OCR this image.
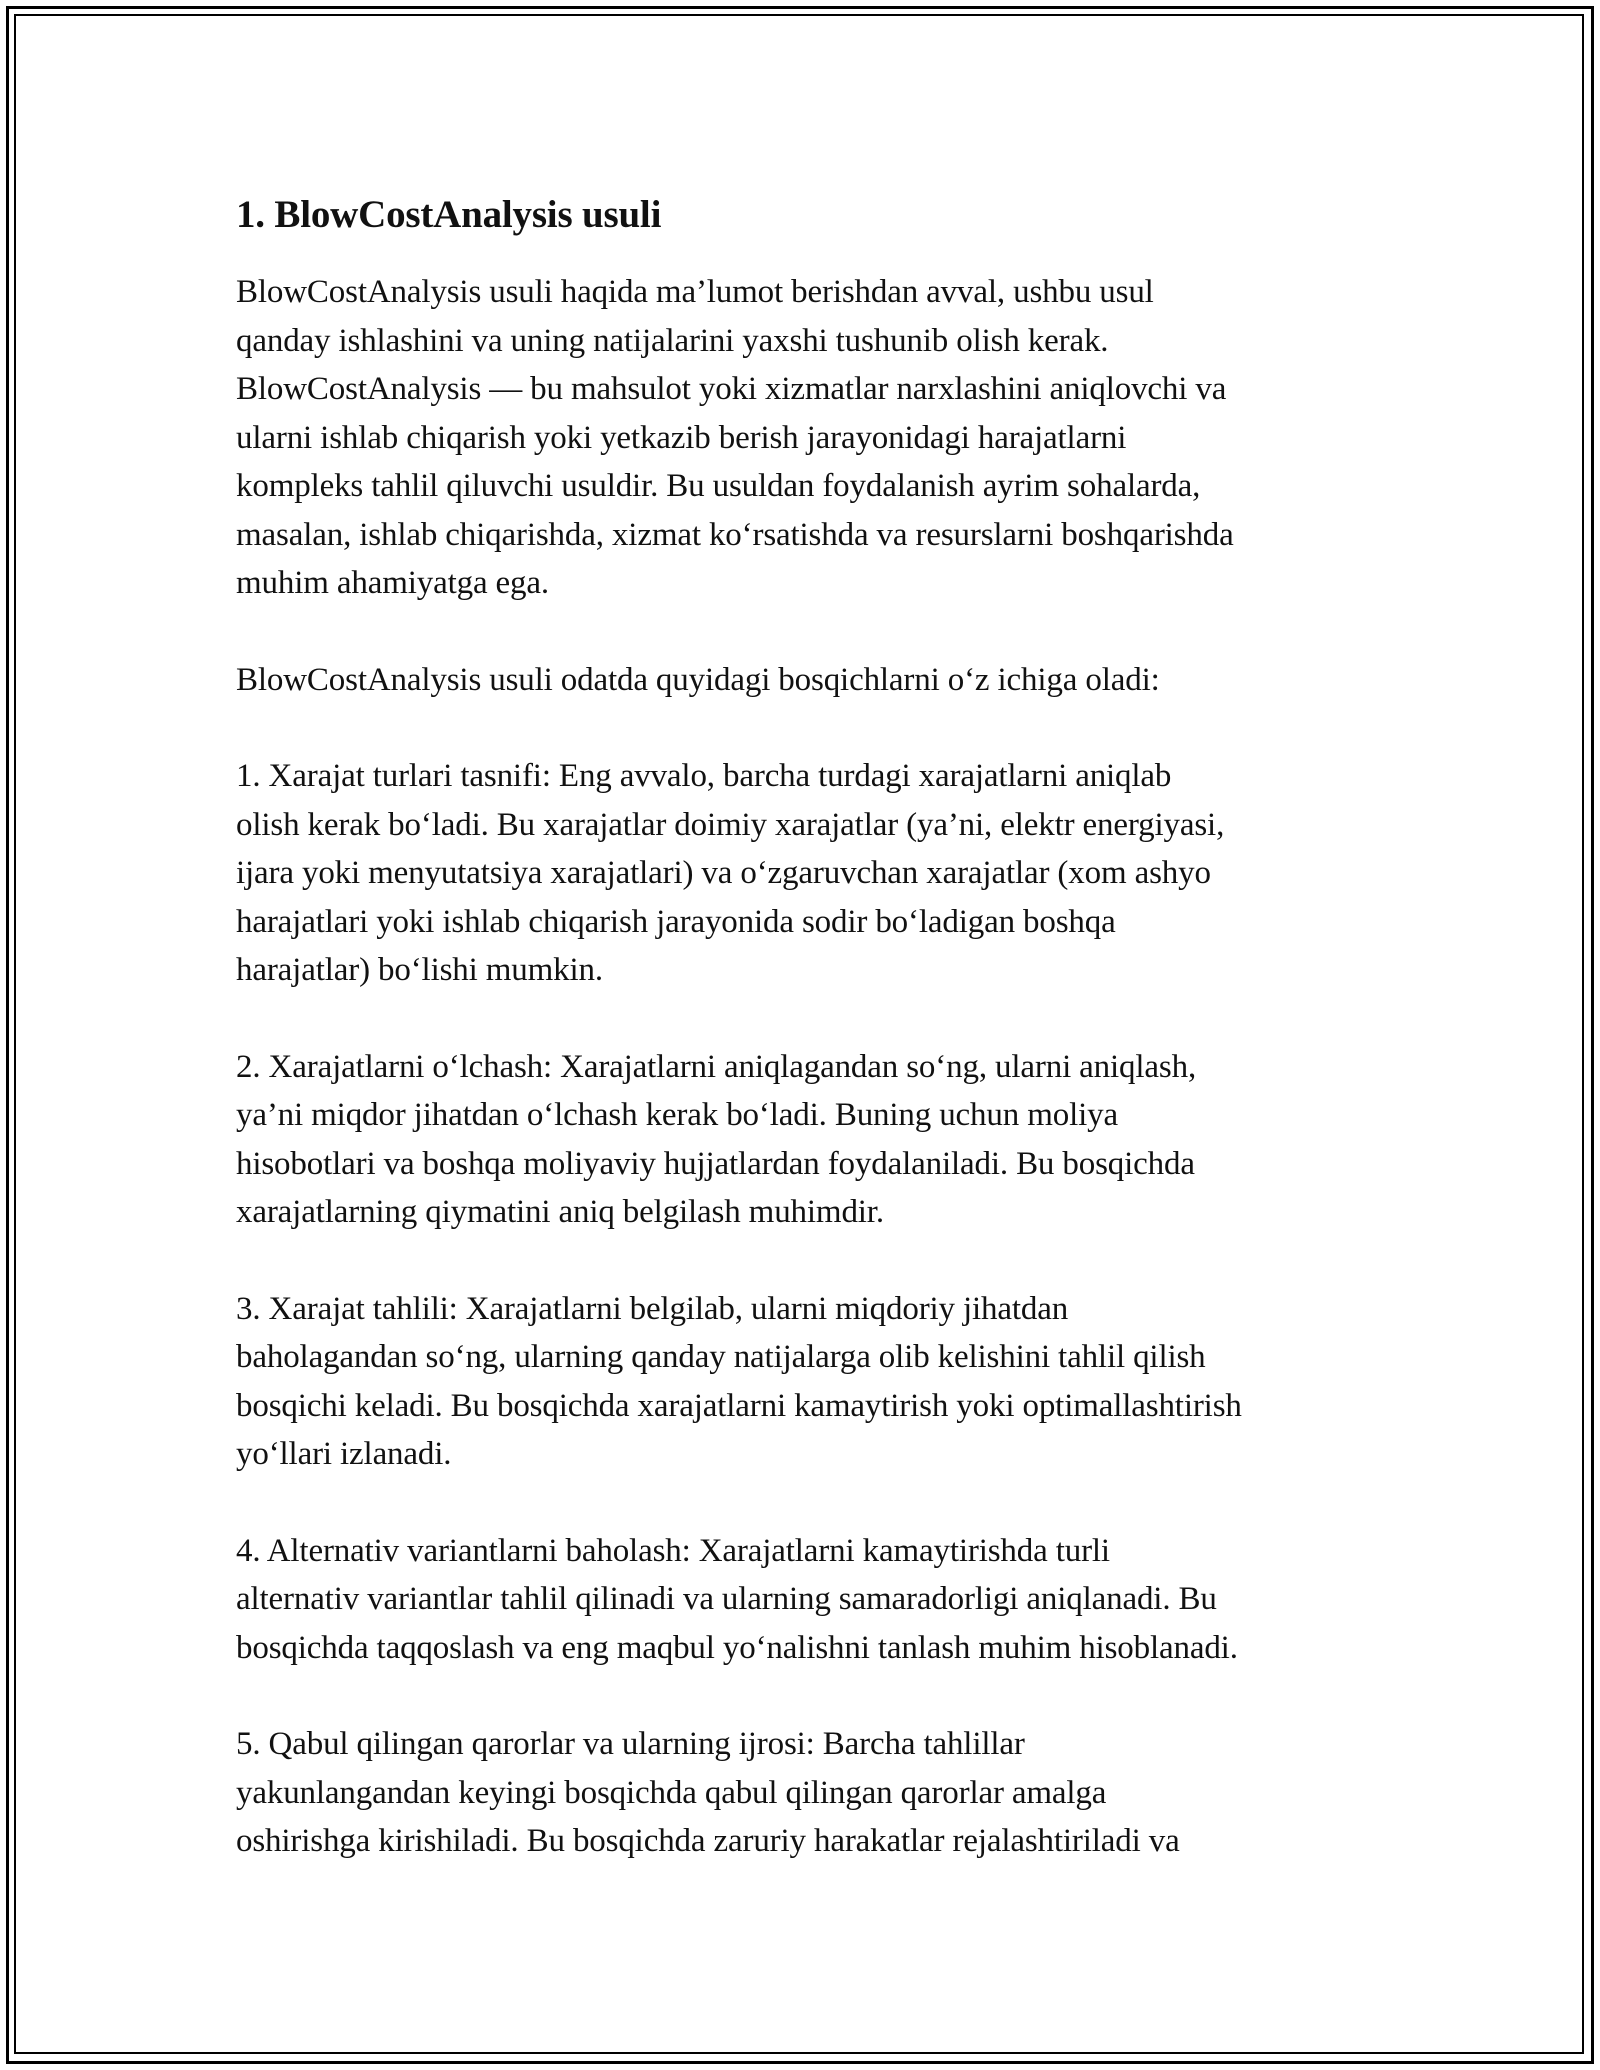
1. BlowCostAnalysis usuli

BlowCostAnalysis usuli haqida ma’lumot berishdan avval, ushbu usul
qanday ishlashini va uning natijalarini yaxshi tushunib olish kerak.
BlowCostAnalysis — bu mahsulot yoki xizmatlar narxlashini aniqlovchi va
ularni ishlab chiqarish yoki yetkazib berish jarayonidagi harajatlarni
kompleks tahlil qiluvchi usuldir. Bu usuldan foydalanish ayrim sohalarda,
masalan, ishlab chiqarishda, xizmat ko‘rsatishda va resurslarni boshqarishda
muhim ahamiyatga ega.

BlowCostAnalysis usuli odatda quyidagi bosqichlarni o‘z ichiga oladi:

1. Xarajat turlari tasnifi: Eng avvalo, barcha turdagi xarajatlarni aniqlab
olish kerak bo‘ladi. Bu xarajatlar doimiy xarajatlar (ya’ni, elektr energiyasi,
ijara yoki menyutatsiya xarajatlari) va o‘zgaruvchan xarajatlar (xom ashyo
harajatlari yoki ishlab chiqarish jarayonida sodir bo‘ladigan boshqa
harajatlar) bo‘lishi mumkin.

2. Xarajatlarni o‘lchash: Xarajatlarni aniqlagandan so‘ng, ularni aniqlash,
ya’ni miqdor jihatdan o‘lchash kerak bo‘ladi. Buning uchun moliya
hisobotlari va boshqa moliyaviy hujjatlardan foydalaniladi. Bu bosqichda
xarajatlarning qiymatini aniq belgilash muhimdir.

3. Xarajat tahlili: Xarajatlarni belgilab, ularni miqdoriy jihatdan
baholagandan so‘ng, ularning qanday natijalarga olib kelishini tahlil qilish
bosqichi keladi. Bu bosqichda xarajatlarni kamaytirish yoki optimallashtirish
yo‘llari izlanadi.

4. Alternativ variantlarni baholash: Xarajatlarni kamaytirishda turli
alternativ variantlar tahlil qilinadi va ularning samaradorligi aniqlanadi. Bu
bosqichda taqqoslash va eng maqbul yo‘nalishni tanlash muhim hisoblanadi.

5. Qabul qilingan qarorlar va ularning ijrosi: Barcha tahlillar
yakunlangandan keyingi bosqichda qabul qilingan qarorlar amalga
oshirishga kirishiladi. Bu bosqichda zaruriy harakatlar rejalashtiriladi va
